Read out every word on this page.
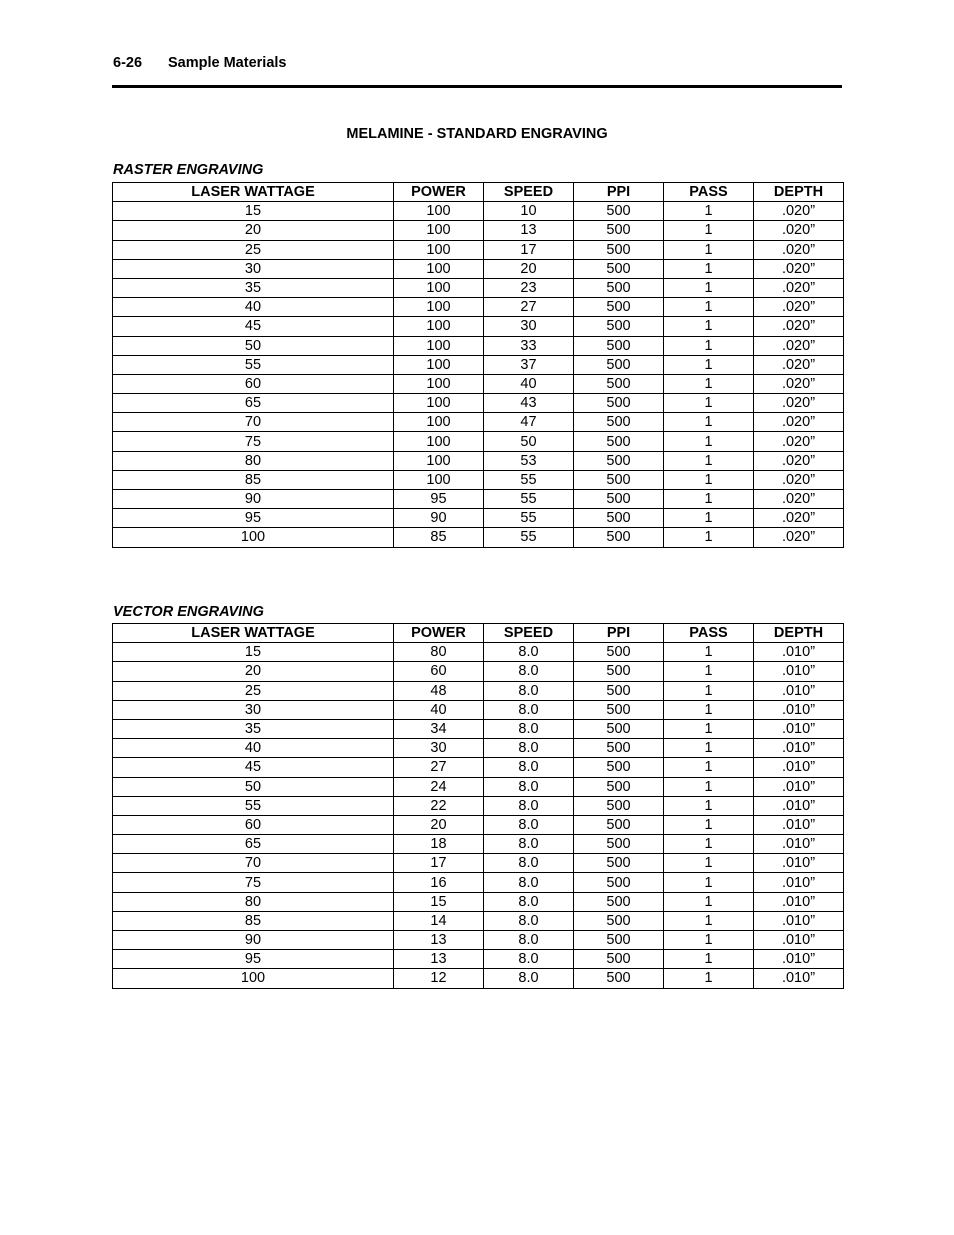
6-26 Sample Materials
MELAMINE - STANDARD ENGRAVING
RASTER ENGRAVING
LASER WATTAGE	POWER	SPEED	PPI	PASS	DEPTH
15	100	10	500	1	.020”
20	100	13	500	1	.020”
25	100	17	500	1	.020”
30	100	20	500	1	.020”
35	100	23	500	1	.020”
40	100	27	500	1	.020”
45	100	30	500	1	.020”
50	100	33	500	1	.020”
55	100	37	500	1	.020”
60	100	40	500	1	.020”
65	100	43	500	1	.020”
70	100	47	500	1	.020”
75	100	50	500	1	.020”
80	100	53	500	1	.020”
85	100	55	500	1	.020”
90	95	55	500	1	.020”
95	90	55	500	1	.020”
100	85	55	500	1	.020”
VECTOR ENGRAVING
LASER WATTAGE	POWER	SPEED	PPI	PASS	DEPTH
15	80	8.0	500	1	.010”
20	60	8.0	500	1	.010”
25	48	8.0	500	1	.010”
30	40	8.0	500	1	.010”
35	34	8.0	500	1	.010”
40	30	8.0	500	1	.010”
45	27	8.0	500	1	.010”
50	24	8.0	500	1	.010”
55	22	8.0	500	1	.010”
60	20	8.0	500	1	.010”
65	18	8.0	500	1	.010”
70	17	8.0	500	1	.010”
75	16	8.0	500	1	.010”
80	15	8.0	500	1	.010”
85	14	8.0	500	1	.010”
90	13	8.0	500	1	.010”
95	13	8.0	500	1	.010”
100	12	8.0	500	1	.010”
